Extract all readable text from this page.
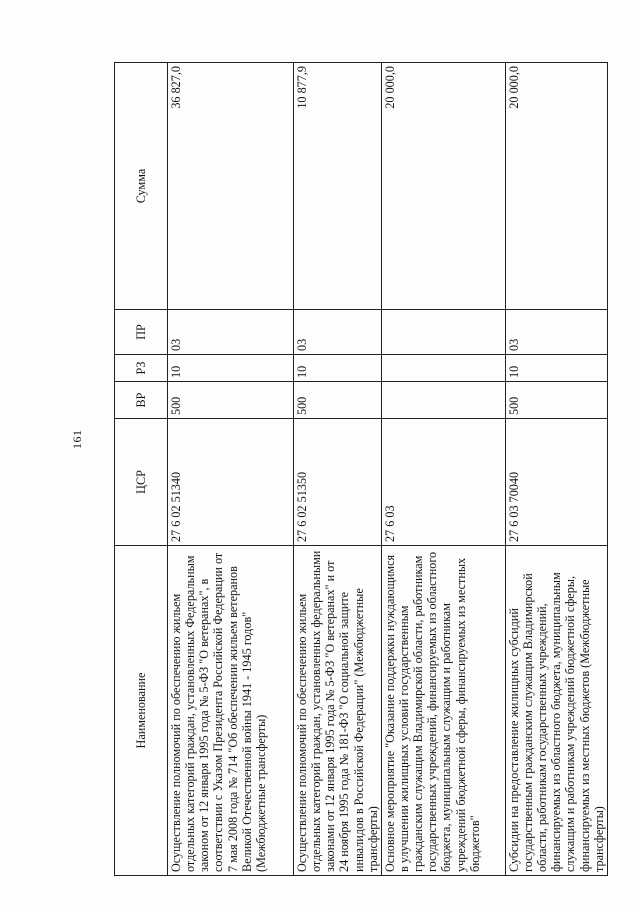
161
Наименование	ЦСР	ВР	РЗ	ПР	Сумма
Осуществление полномочий по обеспечению жильем отдельных категорий граждан, установленных Федеральным законом от 12 января 1995 года № 5-ФЗ "О ветеранах", в соответствии с Указом Президента Российской Федерации от 7 мая 2008 года № 714 "Об обеспечении жильем ветеранов Великой Отечественной войны 1941 - 1945 годов" (Межбюджетные трансферты)	27 6 02 51340	500	10	03	36 827,0
Осуществление полномочий по обеспечению жильем отдельных категорий граждан, установленных федеральными законами от 12 января 1995 года № 5-ФЗ "О ветеранах" и от 24 ноября 1995 года № 181-ФЗ "О социальной защите инвалидов в Российской Федерации" (Межбюджетные трансферты)	27 6 02 51350	500	10	03	10 877,9
Основное мероприятие "Оказание поддержки нуждающимся в улучшении жилищных условий государственным гражданским служащим Владимирской области, работникам государственных учреждений, финансируемых из областного бюджета, муниципальным служащим и работникам учреждений бюджетной сферы, финансируемых из местных бюджетов"	27 6 03				20 000,0
Субсидии на предоставление жилищных субсидий государственным гражданским служащим Владимирской области, работникам государственных учреждений, финансируемых из областного бюджета, муниципальным служащим и работникам учреждений бюджетной сферы, финансируемых из местных бюджетов (Межбюджетные трансферты)	27 6 03 70040	500	10	03	20 000,0
